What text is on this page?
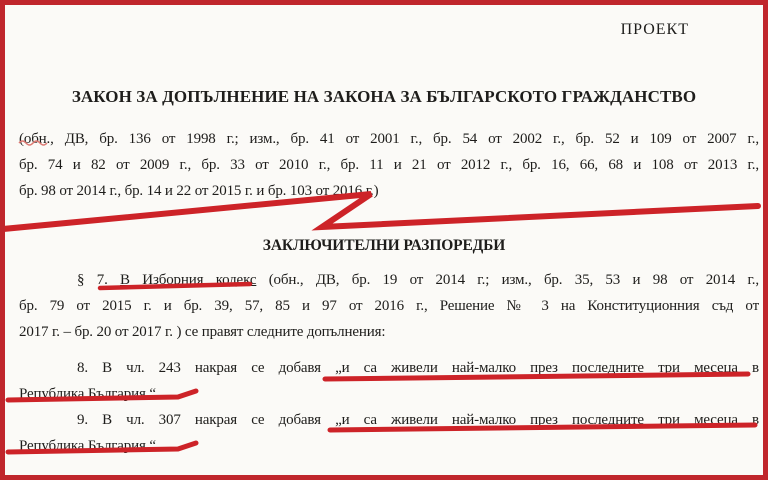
ПРОЕКТ
ЗАКОН ЗА ДОПЪЛНЕНИЕ НА ЗАКОНА ЗА БЪЛГАРСКОТО ГРАЖДАНСТВО
(обн., ДВ, бр. 136 от 1998 г.; изм., бр. 41 от 2001 г., бр. 54 от 2002 г., бр. 52 и 109 от 2007 г.,
бр. 74 и 82 от 2009 г., бр. 33 от 2010 г., бр. 11 и 21 от 2012 г., бр. 16, 66, 68 и 108 от 2013 г.,
бр. 98 от 2014 г., бр. 14 и 22 от 2015 г. и бр. 103 от 2016 г.)
ЗАКЛЮЧИТЕЛНИ РАЗПОРЕДБИ
§ 7. В Изборния кодекс (обн., ДВ, бр. 19 от 2014 г.; изм., бр. 35, 53 и 98 от 2014 г.,
бр. 79 от 2015 г. и бр. 39, 57, 85 и 97 от 2016 г., Решение № 3 на Конституционния съд от
2017 г. – бр. 20 от 2017 г. ) се правят следните допълнения:
8. В чл. 243 накрая се добавя „и са живели най-малко през последните три месеца в
Република България.“.
9. В чл. 307 накрая се добавя „и са живели най-малко през последните три месеца в
Република България.“.
